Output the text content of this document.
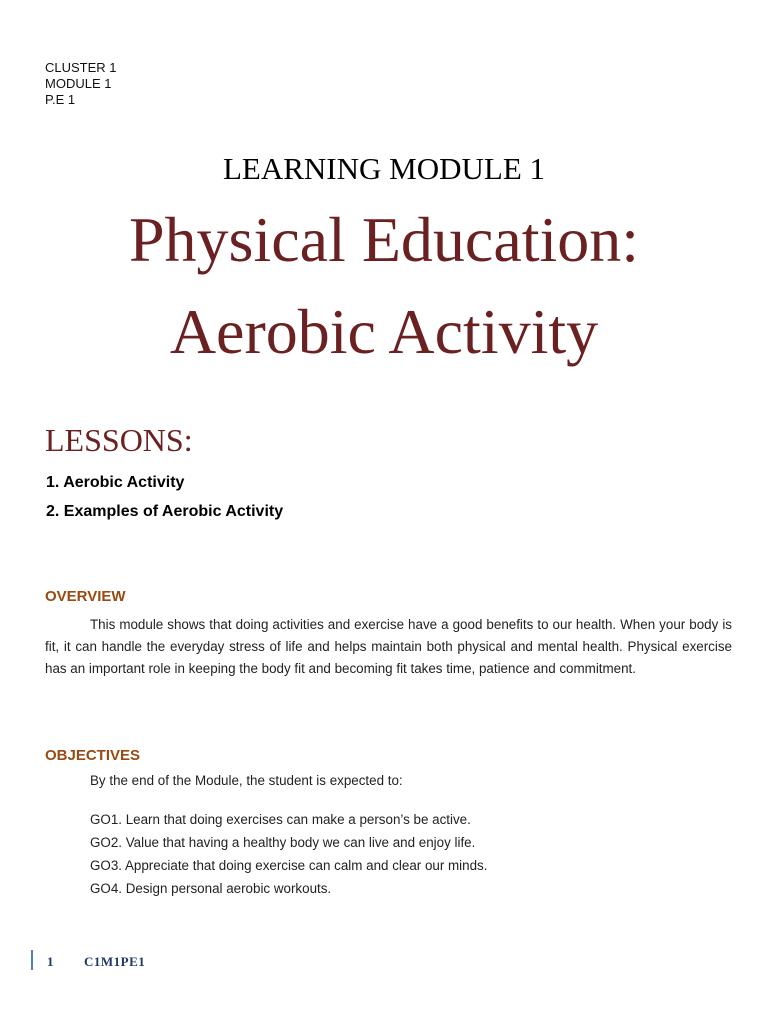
CLUSTER 1
MODULE 1
P.E 1
LEARNING MODULE 1
Physical Education:
Aerobic Activity
LESSONS:
1. Aerobic Activity
2. Examples of Aerobic Activity
OVERVIEW
This module shows that doing activities and exercise have a good benefits to our health. When your body is fit, it can handle the everyday stress of life and helps maintain both physical and mental health. Physical exercise has an important role in keeping the body fit and becoming fit takes time, patience and commitment.
OBJECTIVES
By the end of the Module, the student is expected to:
GO1. Learn that doing exercises can make a person’s be active.
GO2. Value that having a healthy body we can live and enjoy life.
GO3. Appreciate that doing exercise can calm and clear our minds.
GO4. Design personal aerobic workouts.
1 C1M1PE1
